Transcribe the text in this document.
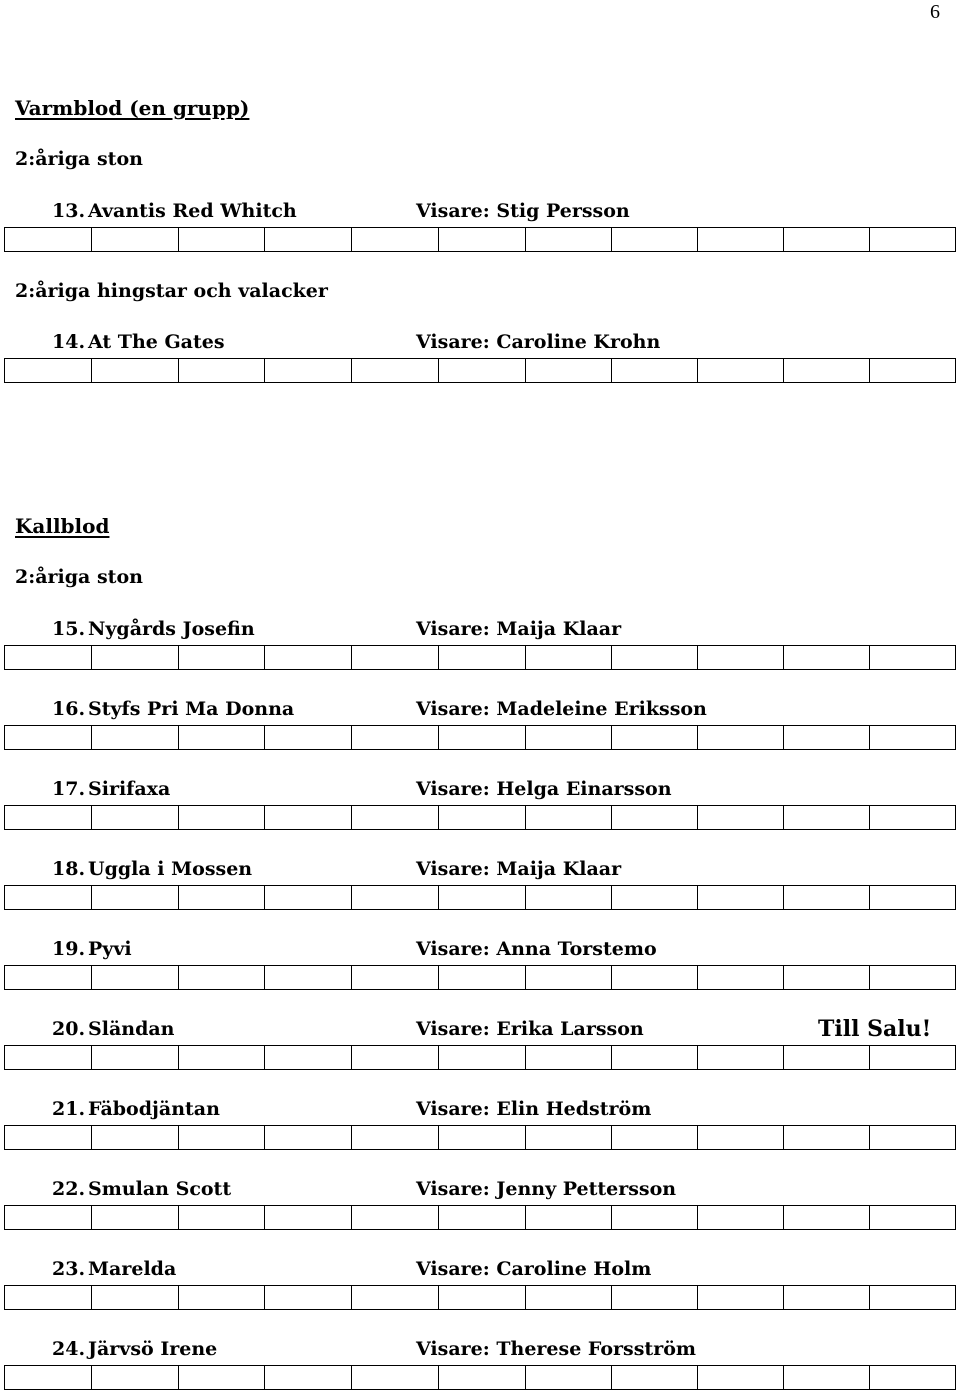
6
Varmblod (en grupp)
2:åriga ston
13. Avantis Red Whitch	Visare: Stig Persson
2:åriga hingstar och valacker
14. At The Gates	Visare: Caroline Krohn
Kallblod
2:åriga ston
15. Nygårds Josefin	Visare: Maija Klaar
16. Styfs Pri Ma Donna	Visare: Madeleine Eriksson
17. Sirifaxa	Visare: Helga Einarsson
18. Uggla i Mossen	Visare: Maija Klaar
19. Pyvi	Visare: Anna Torstemo
20. Sländan	Visare: Erika Larsson	Till Salu!
21. Fäbodjäntan	Visare: Elin Hedström
22. Smulan Scott	Visare: Jenny Pettersson
23. Marelda	Visare: Caroline Holm
24. Järvsö Irene	Visare: Therese Forsström
